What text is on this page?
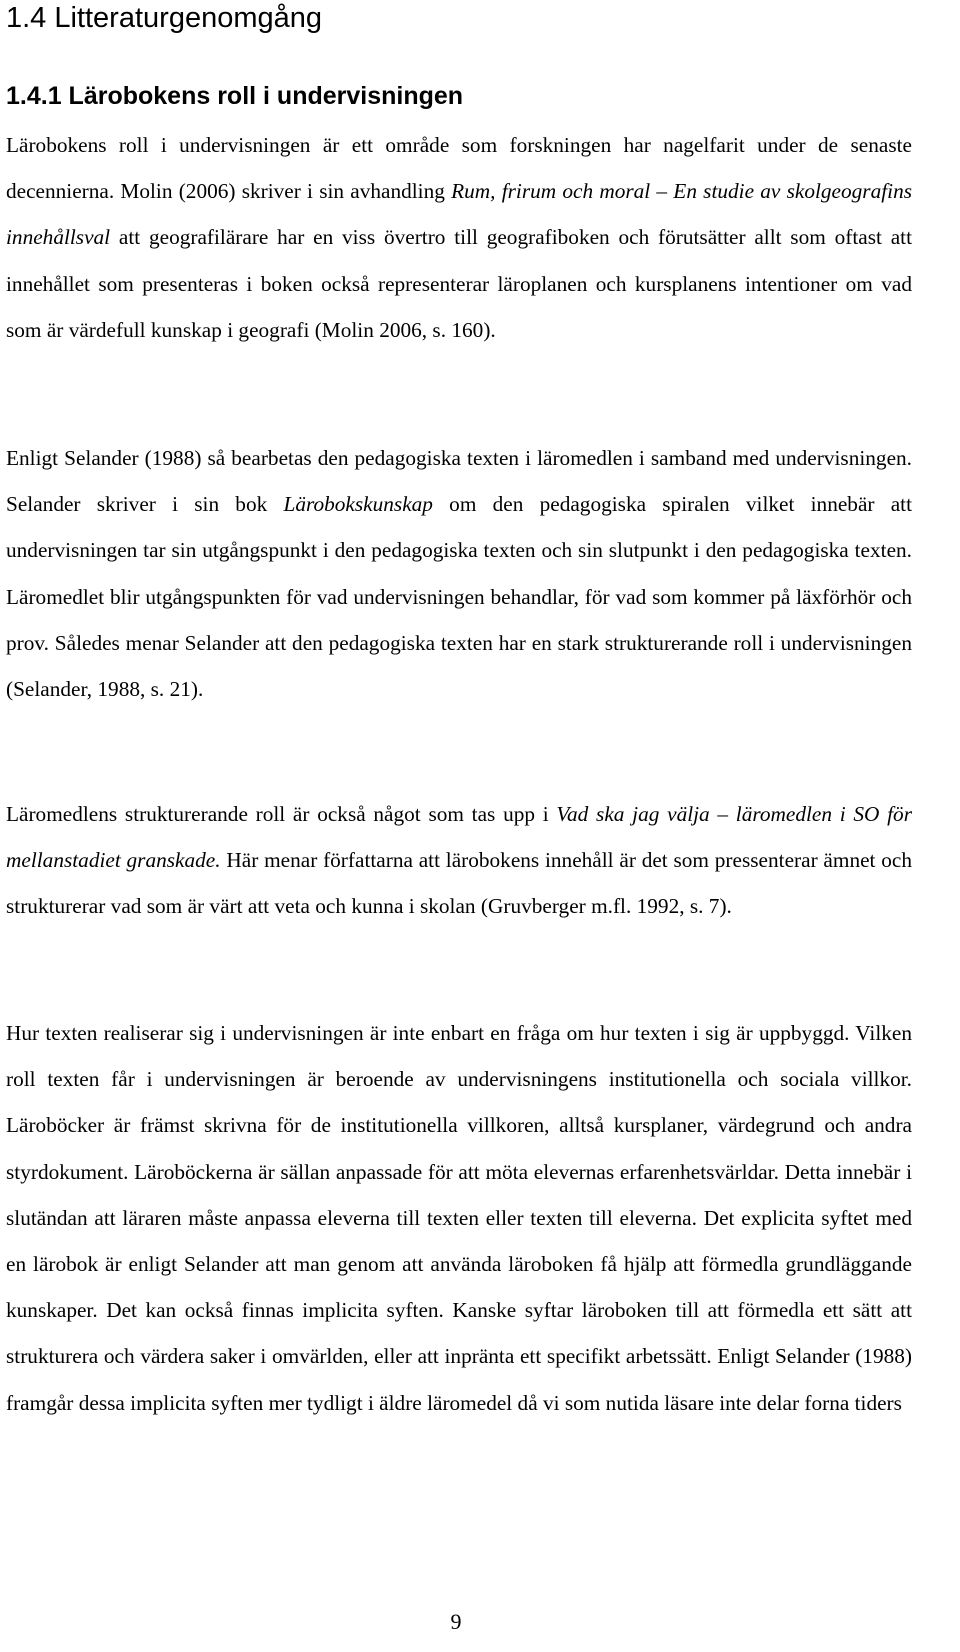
1.4 Litteraturgenomgång
1.4.1 Lärobokens roll i undervisningen

Lärobokens roll i undervisningen är ett område som forskningen har nagelfarit under de senaste decennierna. Molin (2006) skriver i sin avhandling Rum, frirum och moral – En studie av skolgeografins innehållsval att geografilärare har en viss övertro till geografiboken och förutsätter allt som oftast att innehållet som presenteras i boken också representerar läroplanen och kursplanens intentioner om vad som är värdefull kunskap i geografi (Molin 2006, s. 160).

Enligt Selander (1988) så bearbetas den pedagogiska texten i läromedlen i samband med undervisningen. Selander skriver i sin bok Lärobokskunskap om den pedagogiska spiralen vilket innebär att undervisningen tar sin utgångspunkt i den pedagogiska texten och sin slutpunkt i den pedagogiska texten. Läromedlet blir utgångspunkten för vad undervisningen behandlar, för vad som kommer på läxförhör och prov. Således menar Selander att den pedagogiska texten har en stark strukturerande roll i undervisningen (Selander, 1988, s. 21).

Läromedlens strukturerande roll är också något som tas upp i Vad ska jag välja – läromedlen i SO för mellanstadiet granskade. Här menar författarna att lärobokens innehåll är det som pressenterar ämnet och strukturerar vad som är värt att veta och kunna i skolan (Gruvberger m.fl. 1992, s. 7).

Hur texten realiserar sig i undervisningen är inte enbart en fråga om hur texten i sig är uppbyggd. Vilken roll texten får i undervisningen är beroende av undervisningens institutionella och sociala villkor. Läroböcker är främst skrivna för de institutionella villkoren, alltså kursplaner, värdegrund och andra styrdokument. Läroböckerna är sällan anpassade för att möta elevernas erfarenhetsvärldar. Detta innebär i slutändan att läraren måste anpassa eleverna till texten eller texten till eleverna. Det explicita syftet med en lärobok är enligt Selander att man genom att använda läroboken få hjälp att förmedla grundläggande kunskaper. Det kan också finnas implicita syften. Kanske syftar läroboken till att förmedla ett sätt att strukturera och värdera saker i omvärlden, eller att inpränta ett specifikt arbetssätt. Enligt Selander (1988) framgår dessa implicita syften mer tydligt i äldre läromedel då vi som nutida läsare inte delar forna tiders

9
